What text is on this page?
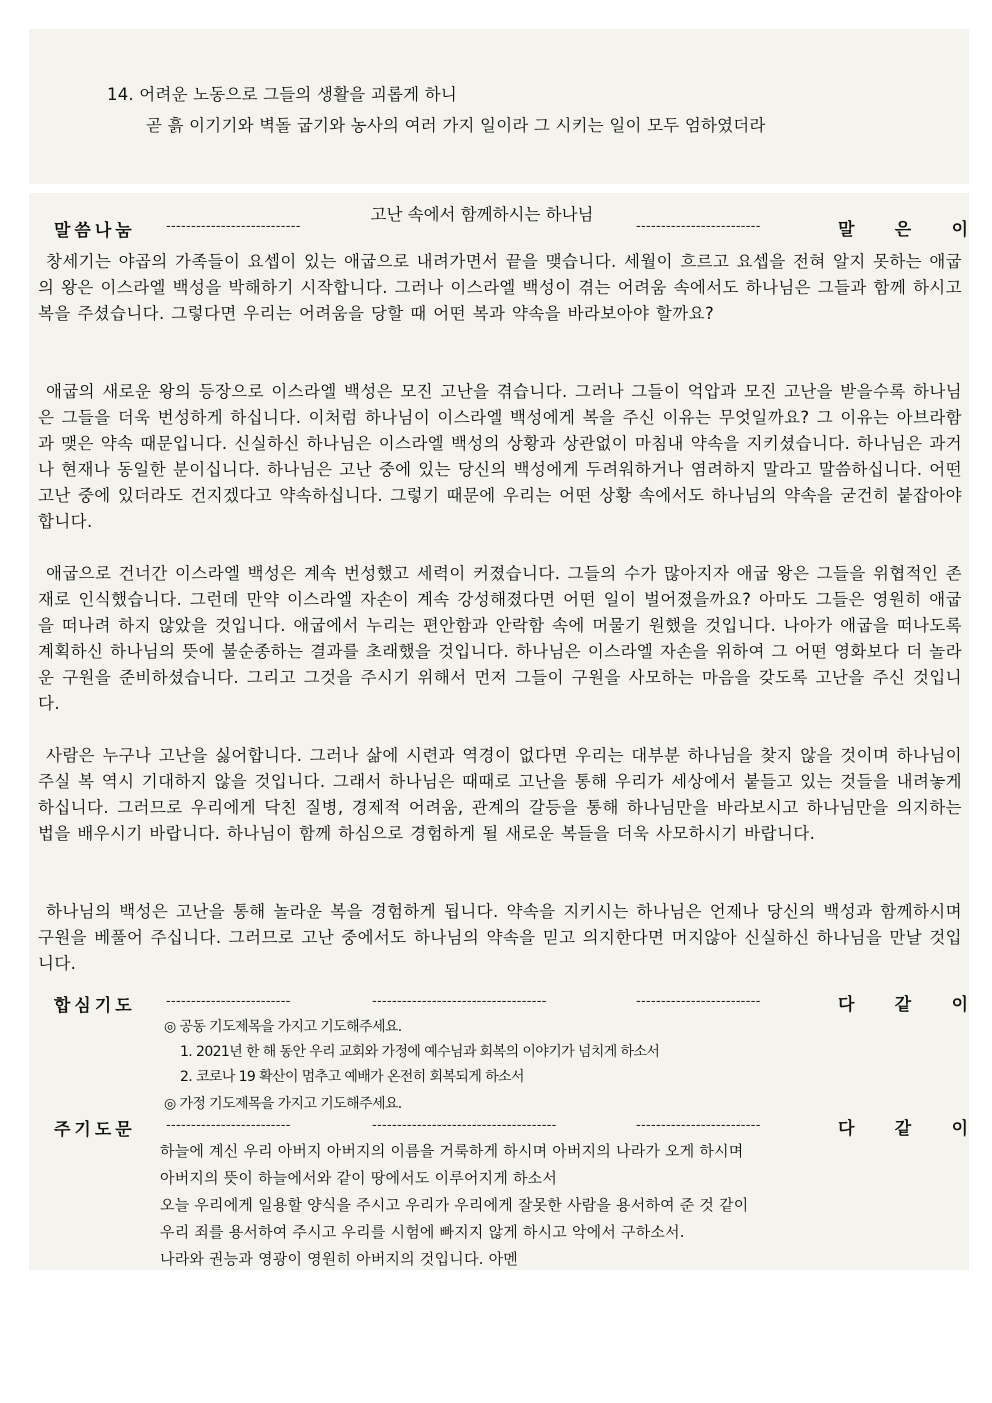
14. 어려운 노동으로 그들의 생활을 괴롭게 하니
곧 흙 이기기와 벽돌 굽기와 농사의 여러 가지 일이라 그 시키는 일이 모두 엄하였더라
말씀나눔 ---------------------------
고난 속에서 함께하시는 하나님
-------------------------	말 은 이

창세기는 야곱의 가족들이 요셉이 있는 애굽으로 내려가면서 끝을 맺습니다. 세월이 흐르고 요셉을 전혀 알지 못하는 애굽의 왕은 이스라엘 백성을 박해하기 시작합니다. 그러나 이스라엘 백성이 겪는 어려움 속에서도 하나님은 그들과 함께 하시고 복을 주셨습니다. 그렇다면 우리는 어려움을 당할 때 어떤 복과 약속을 바라보아야 할까요?

애굽의 새로운 왕의 등장으로 이스라엘 백성은 모진 고난을 겪습니다. 그러나 그들이 억압과 모진 고난을 받을수록 하나님은 그들을 더욱 번성하게 하십니다. 이처럼 하나님이 이스라엘 백성에게 복을 주신 이유는 무엇일까요? 그 이유는 아브라함과 맺은 약속 때문입니다. 신실하신 하나님은 이스라엘 백성의 상황과 상관없이 마침내 약속을 지키셨습니다. 하나님은 과거나 현재나 동일한 분이십니다. 하나님은 고난 중에 있는 당신의 백성에게 두려워하거나 염려하지 말라고 말씀하십니다. 어떤 고난 중에 있더라도 건지겠다고 약속하십니다. 그렇기 때문에 우리는 어떤 상황 속에서도 하나님의 약속을 굳건히 붙잡아야 합니다.

애굽으로 건너간 이스라엘 백성은 계속 번성했고 세력이 커졌습니다. 그들의 수가 많아지자 애굽 왕은 그들을 위협적인 존재로 인식했습니다. 그런데 만약 이스라엘 자손이 계속 강성해졌다면 어떤 일이 벌어졌을까요? 아마도 그들은 영원히 애굽을 떠나려 하지 않았을 것입니다. 애굽에서 누리는 편안함과 안락함 속에 머물기 원했을 것입니다. 나아가 애굽을 떠나도록 계획하신 하나님의 뜻에 불순종하는 결과를 초래했을 것입니다. 하나님은 이스라엘 자손을 위하여 그 어떤 영화보다 더 놀라운 구원을 준비하셨습니다. 그리고 그것을 주시기 위해서 먼저 그들이 구원을 사모하는 마음을 갖도록 고난을 주신 것입니다.

사람은 누구나 고난을 싫어합니다. 그러나 삶에 시련과 역경이 없다면 우리는 대부분 하나님을 찾지 않을 것이며 하나님이 주실 복 역시 기대하지 않을 것입니다. 그래서 하나님은 때때로 고난을 통해 우리가 세상에서 붙들고 있는 것들을 내려놓게 하십니다. 그러므로 우리에게 닥친 질병, 경제적 어려움, 관계의 갈등을 통해 하나님만을 바라보시고 하나님만을 의지하는 법을 배우시기 바랍니다. 하나님이 함께 하심으로 경험하게 될 새로운 복들을 더욱 사모하시기 바랍니다.

하나님의 백성은 고난을 통해 놀라운 복을 경험하게 됩니다. 약속을 지키시는 하나님은 언제나 당신의 백성과 함께하시며 구원을 베풀어 주십니다. 그러므로 고난 중에서도 하나님의 약속을 믿고 의지한다면 머지않아 신실하신 하나님을 만날 것입니다.

합심기도 -------------------------	-----------------------------------	-------------------------	다 같 이
◎ 공동 기도제목을 가지고 기도해주세요.
1. 2021년 한 해 동안 우리 교회와 가정에 예수님과 회복의 이야기가 넘치게 하소서
2. 코로나 19 확산이 멈추고 예배가 온전히 회복되게 하소서
◎ 가정 기도제목을 가지고 기도해주세요.
주기도문 -------------------------	-------------------------------------	-------------------------	다 같 이
하늘에 계신 우리 아버지 아버지의 이름을 거룩하게 하시며 아버지의 나라가 오게 하시며
아버지의 뜻이 하늘에서와 같이 땅에서도 이루어지게 하소서
오늘 우리에게 일용할 양식을 주시고 우리가 우리에게 잘못한 사람을 용서하여 준 것 같이
우리 죄를 용서하여 주시고 우리를 시험에 빠지지 않게 하시고 악에서 구하소서.
나라와 권능과 영광이 영원히 아버지의 것입니다. 아멘
